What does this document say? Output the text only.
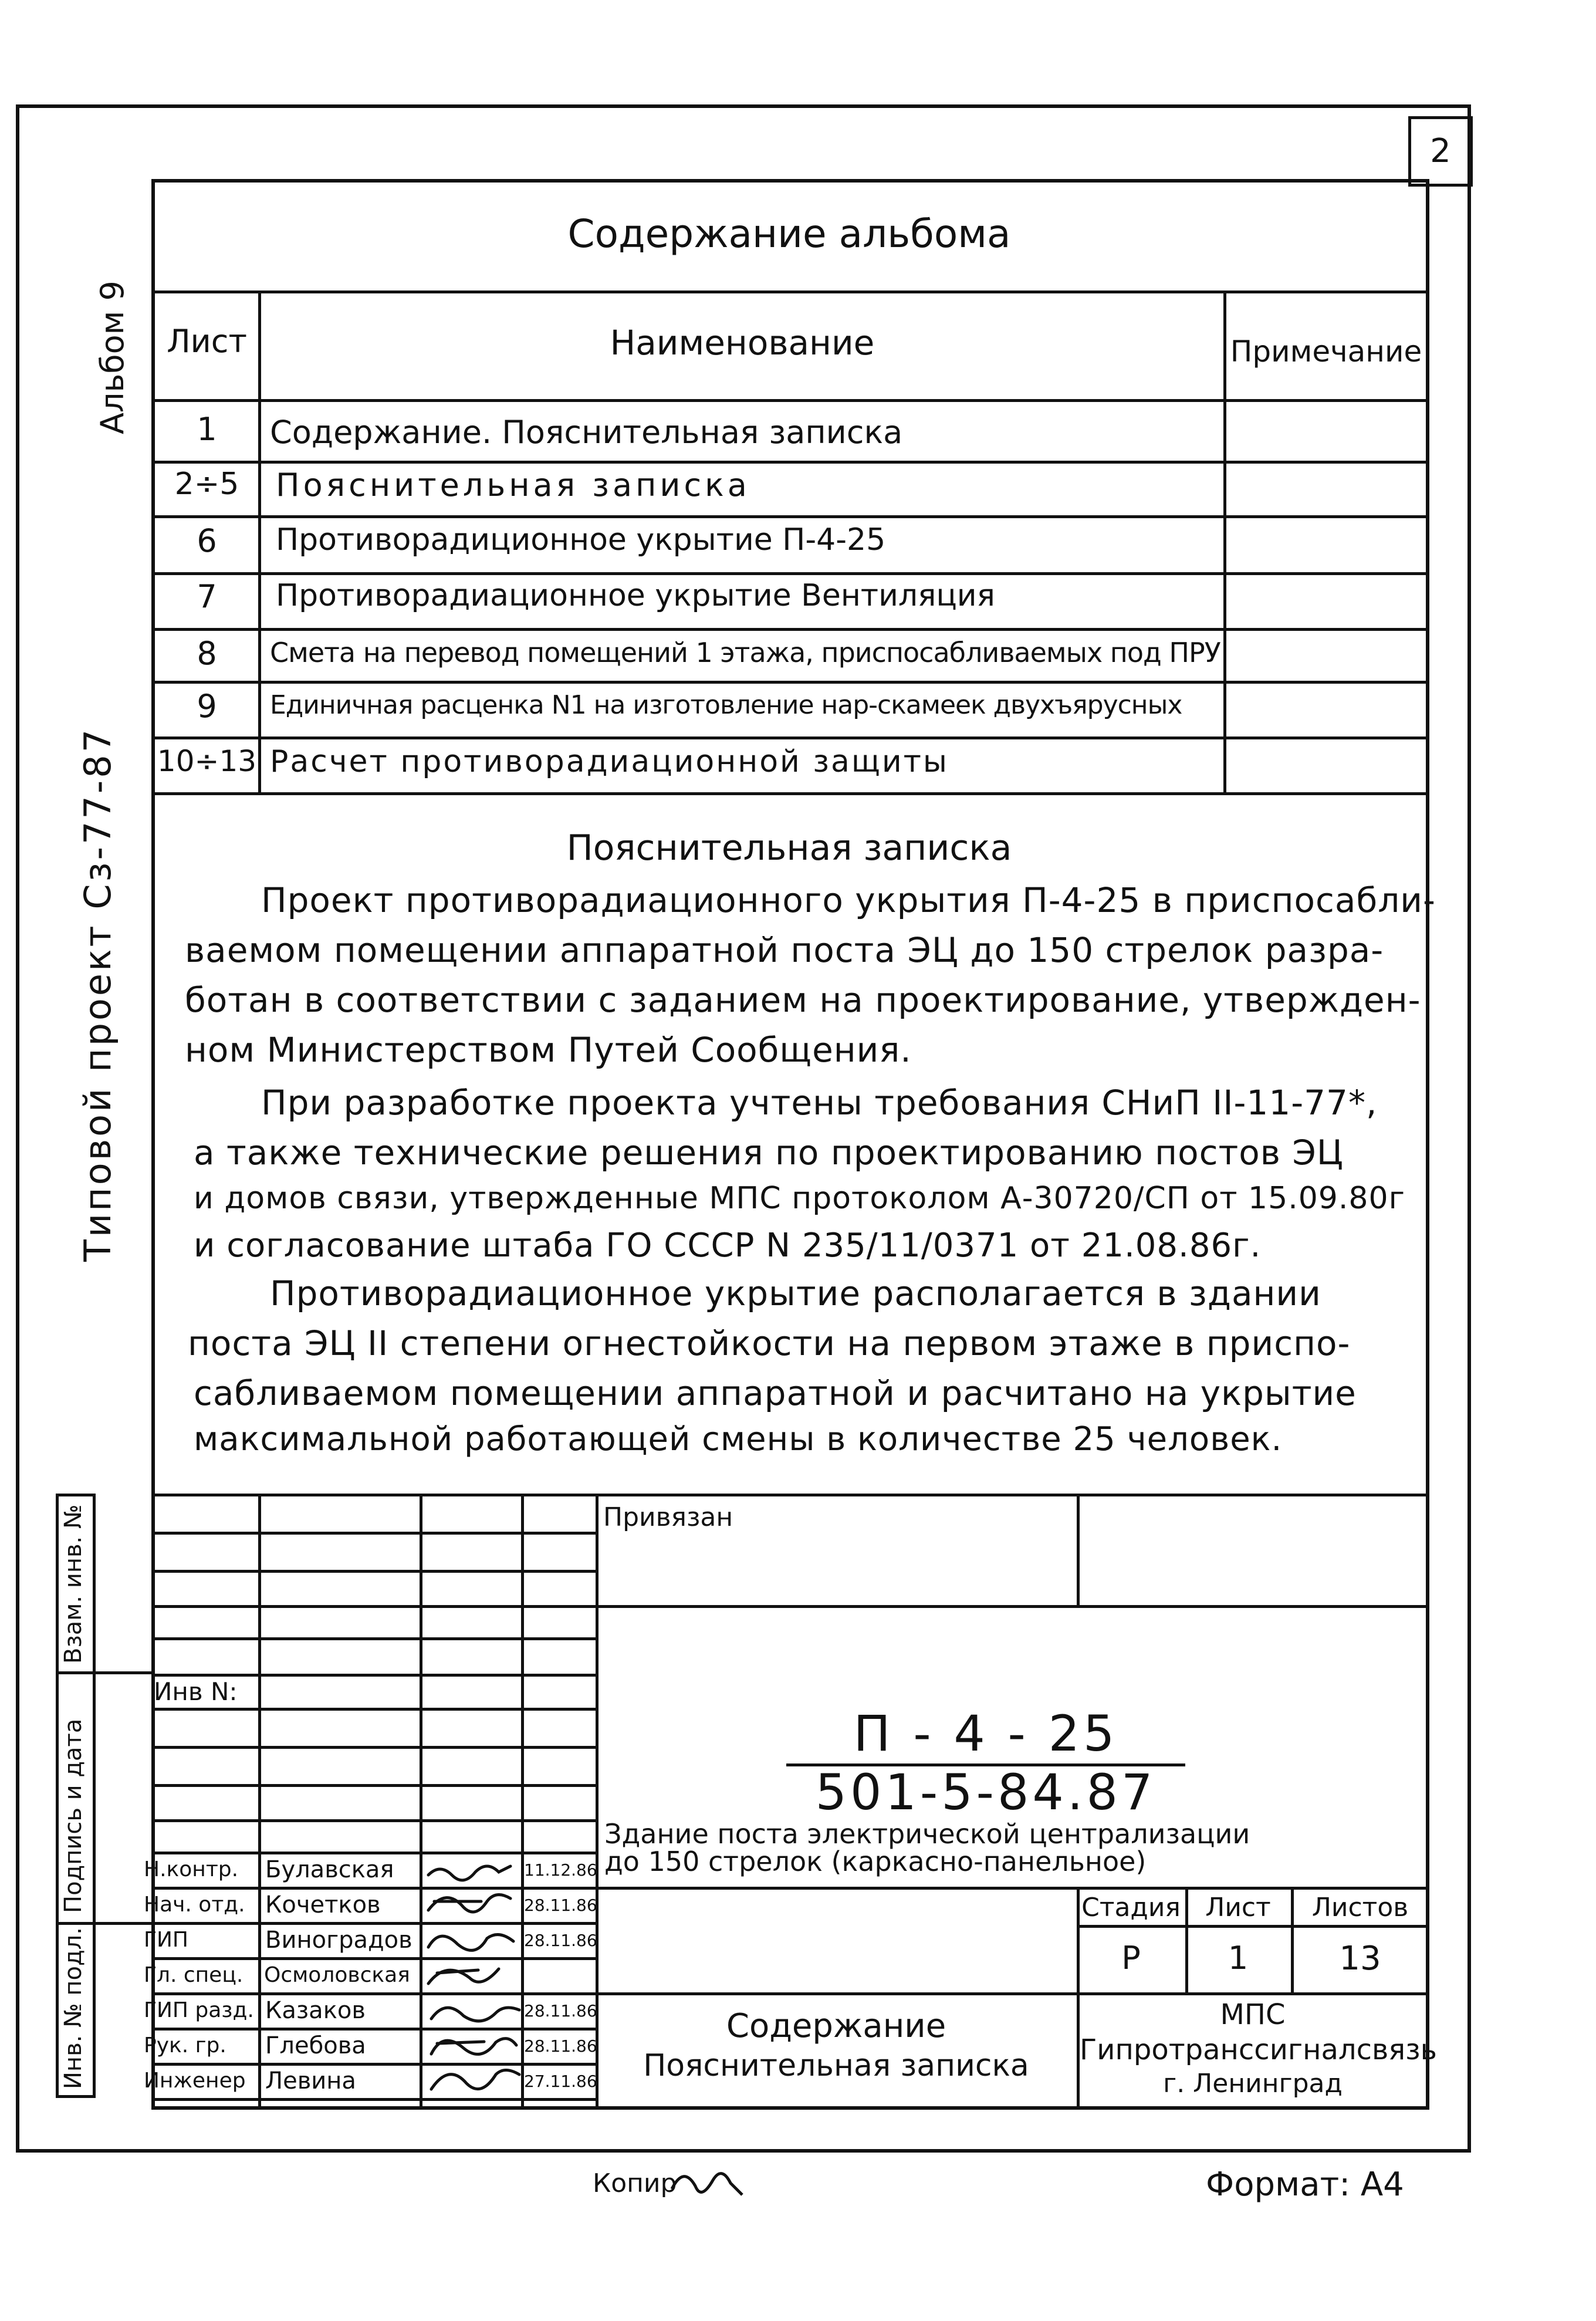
2
Альбом 9
Типовой проект Сз-77-87
Содержание альбома
Лист	Наименование	Примечание
1	Содержание. Пояснительная записка
2÷5	Пояснительная записка
6	Противорадиционное укрытие П-4-25
7	Противорадиационное укрытие Вентиляция
8	Смета на перевод помещений 1 этажа, приспосабливаемых под ПРУ
9	Единичная расценка N1 на изготовление нар-скамеек двухъярусных
10÷13 Расчет противорадиационной защиты
Пояснительная записка
Проект противорадиационного укрытия П-4-25 в приспосабли-
ваемом помещении аппаратной поста ЭЦ до 150 стрелок разра-
ботан в соответствии с заданием на проектирование, утвержден-
ном Министерством Путей Сообщения.
При разработке проекта учтены требования СНиП II-11-77*,
а также технические решения по проектированию постов ЭЦ
и домов связи, утвержденные МПС протоколом А-30720/СП от 15.09.80г
и согласование штаба ГО СССР N 235/11/0371 от 21.08.86г.
Противорадиационное укрытие располагается в здании
поста ЭЦ II степени огнестойкости на первом этаже в приспо-
сабливаемом помещении аппаратной и расчитано на укрытие
максимальной работающей смены в количестве 25 человек.
Взам. инв. №
Подпись и дата
Инв. № подл.
Инв N:
Н.контр. Булавская	11.12.86
Нач. отд. Кочетков	28.11.86
ГИП	Виноградов	28.11.86
Гл. спец. Осмоловская
ГИП разд. Казаков	28.11.86
Рук. гр. Глебова	28.11.86
Инженер Левина	27.11.86
Привязан
П - 4 - 25
501-5-84.87
Здание поста электрической централизации
до 150 стрелок (каркасно-панельное)
Стадия Лист	Листов
Р	1	13
Содержание
Пояснительная записка
МПС
Гипротранссигналсвязь
г. Ленинград
Копир	Формат: А4
